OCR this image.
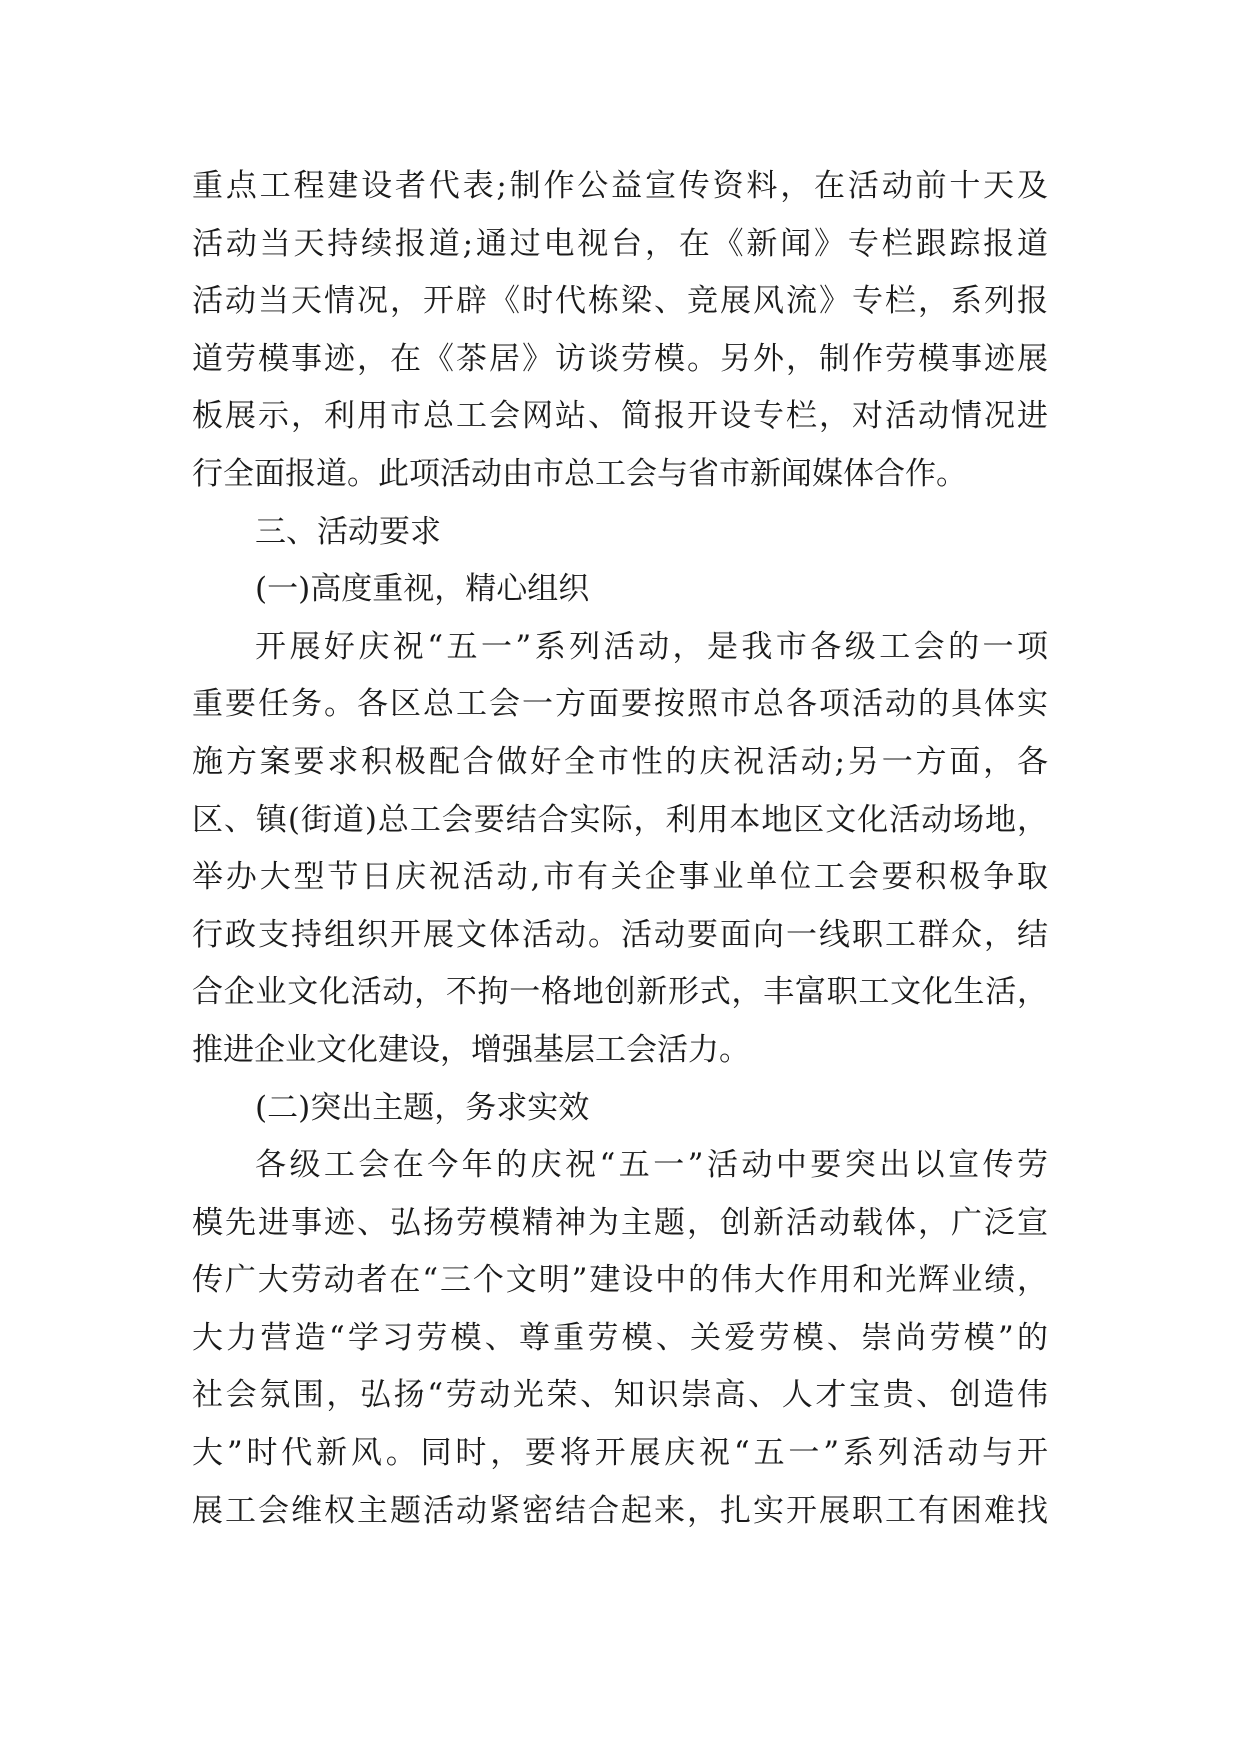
重点工程建设者代表;制作公益宣传资料，在活动前十天及
活动当天持续报道;通过电视台，在《新闻》专栏跟踪报道
活动当天情况，开辟《时代栋梁、竞展风流》专栏，系列报
道劳模事迹，在《茶居》访谈劳模。另外，制作劳模事迹展
板展示，利用市总工会网站、简报开设专栏，对活动情况进
行全面报道。此项活动由市总工会与省市新闻媒体合作。
三、活动要求
(一)高度重视，精心组织
开展好庆祝“五一”系列活动，是我市各级工会的一项
重要任务。各区总工会一方面要按照市总各项活动的具体实
施方案要求积极配合做好全市性的庆祝活动;另一方面，各
区、镇(街道)总工会要结合实际，利用本地区文化活动场地，
举办大型节日庆祝活动,市有关企事业单位工会要积极争取
行政支持组织开展文体活动。活动要面向一线职工群众，结
合企业文化活动，不拘一格地创新形式，丰富职工文化生活，
推进企业文化建设，增强基层工会活力。
(二)突出主题，务求实效
各级工会在今年的庆祝“五一”活动中要突出以宣传劳
模先进事迹、弘扬劳模精神为主题，创新活动载体，广泛宣
传广大劳动者在“三个文明”建设中的伟大作用和光辉业绩，
大力营造“学习劳模、尊重劳模、关爱劳模、崇尚劳模”的
社会氛围，弘扬“劳动光荣、知识崇高、人才宝贵、创造伟
大”时代新风。同时，要将开展庆祝“五一”系列活动与开
展工会维权主题活动紧密结合起来，扎实开展职工有困难找
